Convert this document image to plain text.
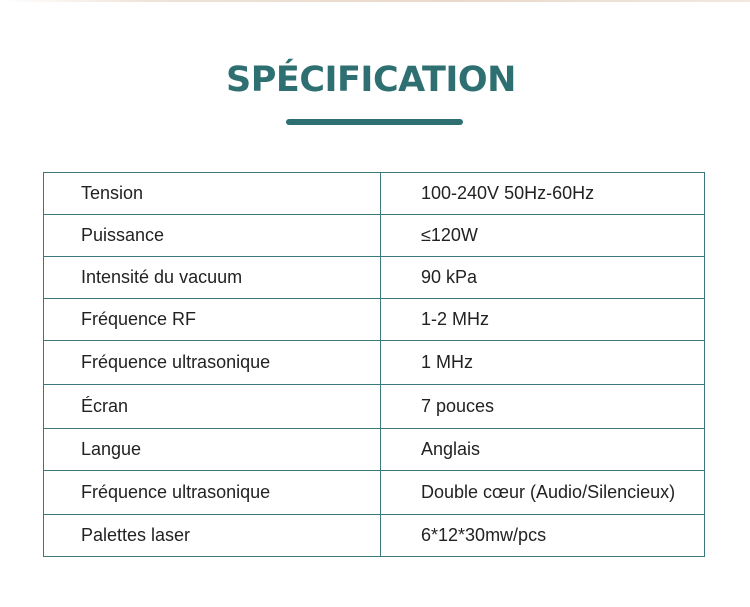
SPÉCIFICATION
Tension	100-240V 50Hz-60Hz
Puissance	≤120W
Intensité du vacuum	90 kPa
Fréquence RF	1-2 MHz
Fréquence ultrasonique	1 MHz
Écran	7 pouces
Langue	Anglais
Fréquence ultrasonique	Double cœur (Audio/Silencieux)
Palettes laser	6*12*30mw/pcs
